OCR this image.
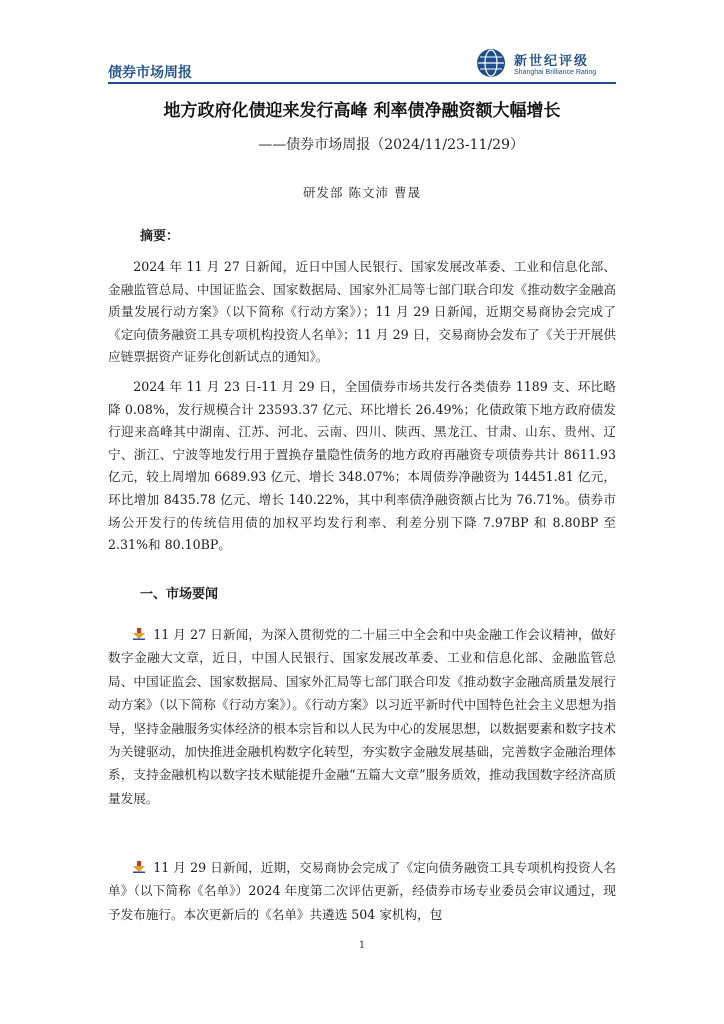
债券市场周报
新世纪评级
Shanghai Brilliance Rating
地方政府化债迎来发行高峰 利率债净融资额大幅增长
——债券市场周报（2024/11/23-11/29）
研发部 陈文沛 曹晟
摘要：

2024 年 11 月 27 日新闻，近日中国人民银行、国家发展改革委、工业和信息化部、金融监管总局、中国证监会、国家数据局、国家外汇局等七部门联合印发《推动数字金融高质量发展行动方案》（以下简称《行动方案》）；11 月 29 日新闻，近期交易商协会完成了《定向债务融资工具专项机构投资人名单》；11 月 29 日，交易商协会发布了《关于开展供应链票据资产证券化创新试点的通知》。

2024 年 11 月 23 日-11 月 29 日，全国债券市场共发行各类债券 1189 支、环比略降 0.08%，发行规模合计 23593.37 亿元、环比增长 26.49%；化债政策下地方政府债发行迎来高峰其中湖南、江苏、河北、云南、四川、陕西、黑龙江、甘肃、山东、贵州、辽宁、浙江、宁波等地发行用于置换存量隐性债务的地方政府再融资专项债券共计 8611.93 亿元，较上周增加 6689.93 亿元、增长 348.07%；本周债券净融资为 14451.81 亿元，环比增加 8435.78 亿元、增长 140.22%，其中利率债净融资额占比为 76.71%。债券市场公开发行的传统信用债的加权平均发行利率、利差分别下降 7.97BP 和 8.80BP 至 2.31%和 80.10BP。

一、市场要闻

11 月 27 日新闻，为深入贯彻党的二十届三中全会和中央金融工作会议精神，做好数字金融大文章，近日，中国人民银行、国家发展改革委、工业和信息化部、金融监管总局、中国证监会、国家数据局、国家外汇局等七部门联合印发《推动数字金融高质量发展行动方案》（以下简称《行动方案》）。《行动方案》以习近平新时代中国特色社会主义思想为指导，坚持金融服务实体经济的根本宗旨和以人民为中心的发展思想，以数据要素和数字技术为关键驱动，加快推进金融机构数字化转型，夯实数字金融发展基础，完善数字金融治理体系，支持金融机构以数字技术赋能提升金融“五篇大文章”服务质效，推动我国数字经济高质量发展。

11 月 29 日新闻，近期，交易商协会完成了《定向债务融资工具专项机构投资人名单》（以下简称《名单》）2024 年度第二次评估更新，经债券市场专业委员会审议通过，现予发布施行。本次更新后的《名单》共遴选 504 家机构，包

1
